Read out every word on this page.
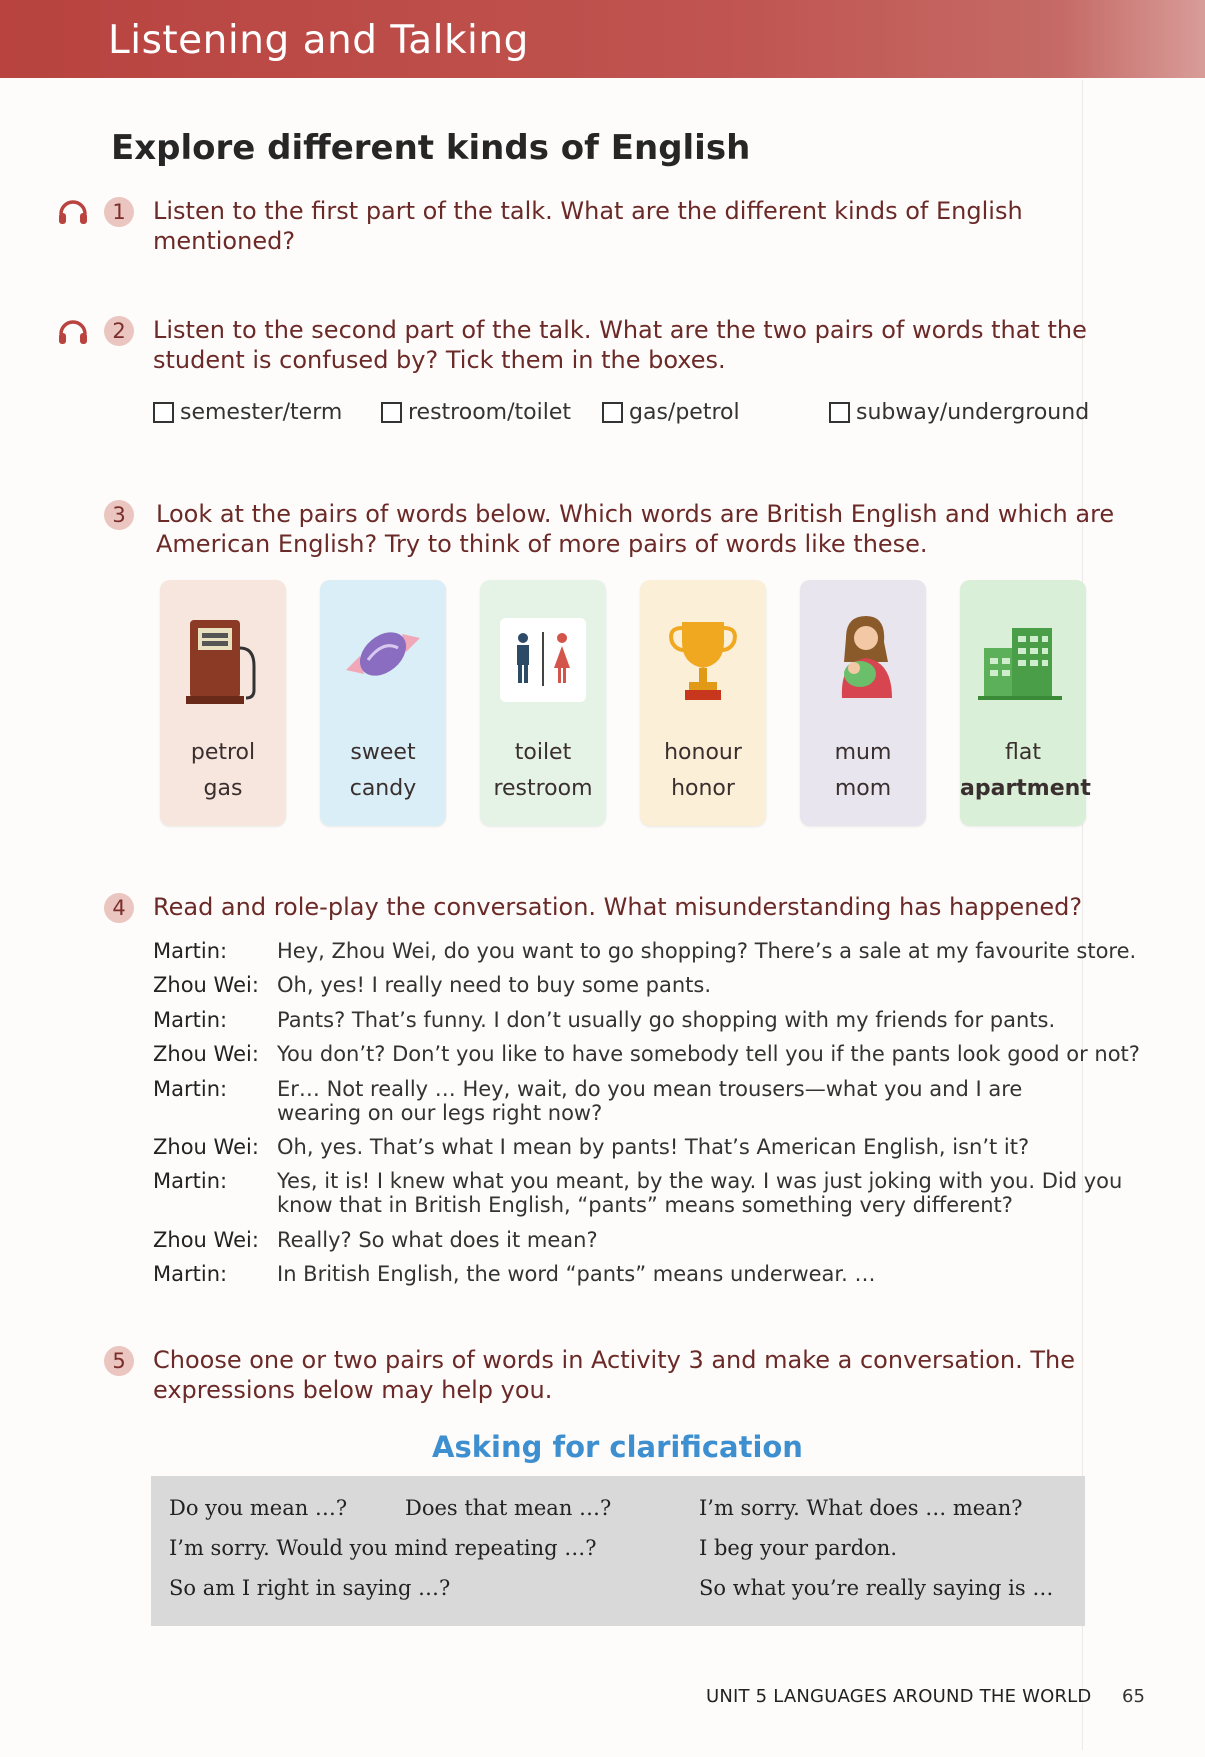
Listening and Talking
Explore different kinds of English
1	Listen to the first part of the talk. What are the different kinds of English
mentioned?
2	Listen to the second part of the talk. What are the two pairs of words that the
student is confused by? Tick them in the boxes.
semester/term	restroom/toilet	gas/petrol	subway/underground
3	Look at the pairs of words below. Which words are British English and which are
American English? Try to think of more pairs of words like these.
petrol
gas
sweet
candy
toilet
restroom
honour
honor
mum
mom
flat
apartment
4	Read and role-play the conversation. What misunderstanding has happened?
Martin:	Hey, Zhou Wei, do you want to go shopping? There’s a sale at my favourite store.
Zhou Wei: Oh, yes! I really need to buy some pants.
Martin:	Pants? That’s funny. I don’t usually go shopping with my friends for pants.
Zhou Wei: You don’t? Don’t you like to have somebody tell you if the pants look good or not?
Martin:	Er… Not really … Hey, wait, do you mean trousers—what you and I are
wearing on our legs right now?
Zhou Wei: Oh, yes. That’s what I mean by pants! That’s American English, isn’t it?
Martin:	Yes, it is! I knew what you meant, by the way. I was just joking with you. Did you
know that in British English, “pants” means something very different?
Zhou Wei: Really? So what does it mean?
Martin:	In British English, the word “pants” means underwear. …
5	Choose one or two pairs of words in Activity 3 and make a conversation. The
expressions below may help you.
Asking for clarification
Do you mean …?	Does that mean …?	I’m sorry. What does … mean?
I’m sorry. Would you mind repeating …?	I beg your pardon.
So am I right in saying …?	So what you’re really saying is …
UNIT 5 LANGUAGES AROUND THE WORLD 65
